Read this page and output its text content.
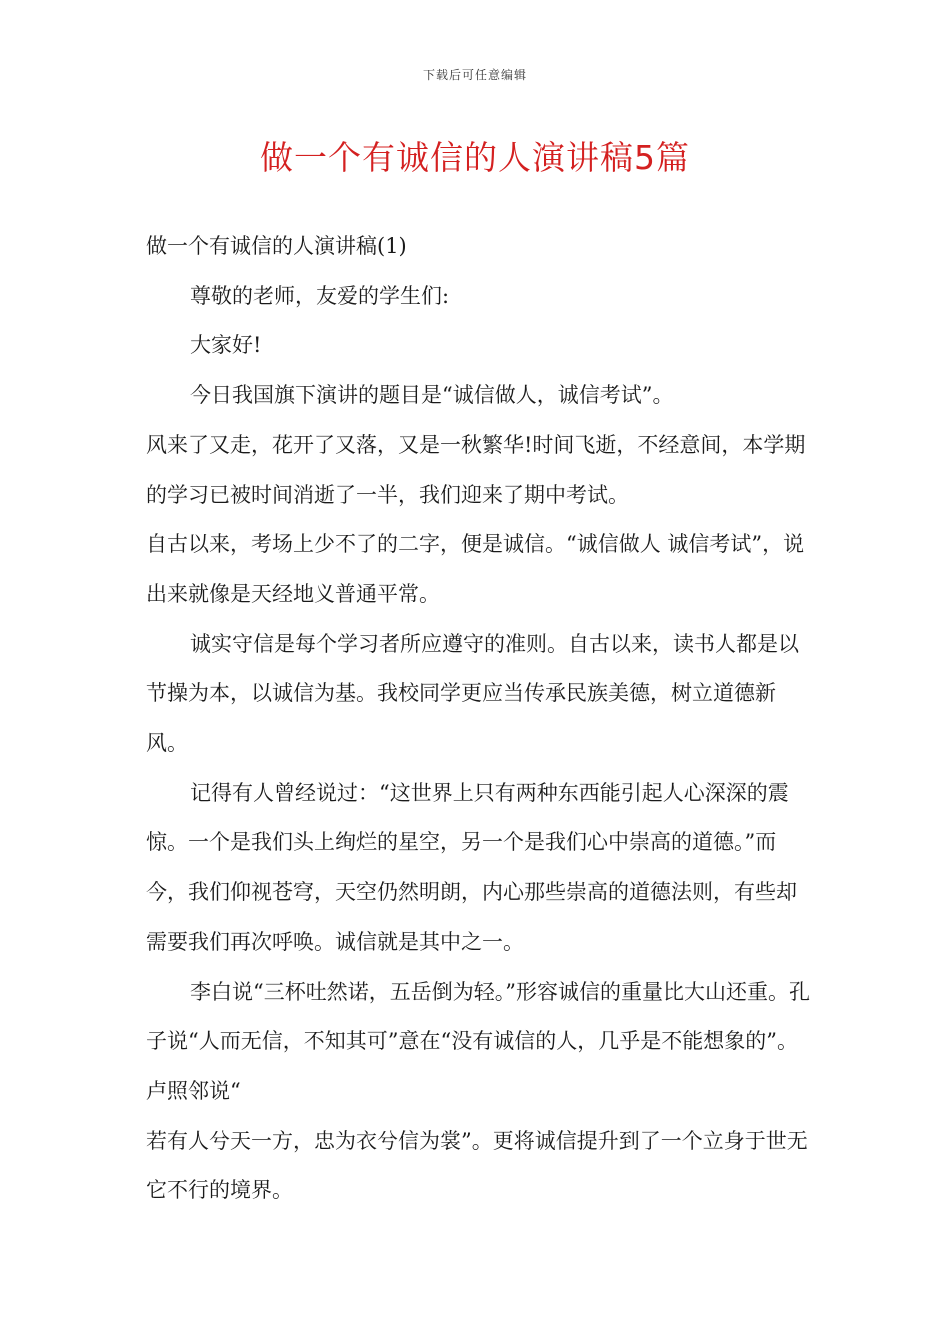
下载后可任意编辑
做一个有诚信的人演讲稿5篇

做一个有诚信的人演讲稿(1)

尊敬的老师，友爱的学生们:

大家好!

今日我国旗下演讲的题目是“诚信做人，诚信考试”。

风来了又走，花开了又落，又是一秋繁华!时间飞逝，不经意间，本学期的学习已被时间消逝了一半，我们迎来了期中考试。

自古以来，考场上少不了的二字，便是诚信。“诚信做人 诚信考试”，说出来就像是天经地义普通平常。

诚实守信是每个学习者所应遵守的准则。自古以来，读书人都是以节操为本，以诚信为基。我校同学更应当传承民族美德，树立道德新风。

记得有人曾经说过：“这世界上只有两种东西能引起人心深深的震惊。一个是我们头上绚烂的星空，另一个是我们心中崇高的道德。”而今，我们仰视苍穹，天空仍然明朗，内心那些崇高的道德法则，有些却需要我们再次呼唤。诚信就是其中之一。

李白说“三杯吐然诺，五岳倒为轻。”形容诚信的重量比大山还重。孔子说“人而无信，不知其可”意在“没有诚信的人，几乎是不能想象的”。卢照邻说“

若有人兮天一方，忠为衣兮信为裳”。更将诚信提升到了一个立身于世无它不行的境界。
